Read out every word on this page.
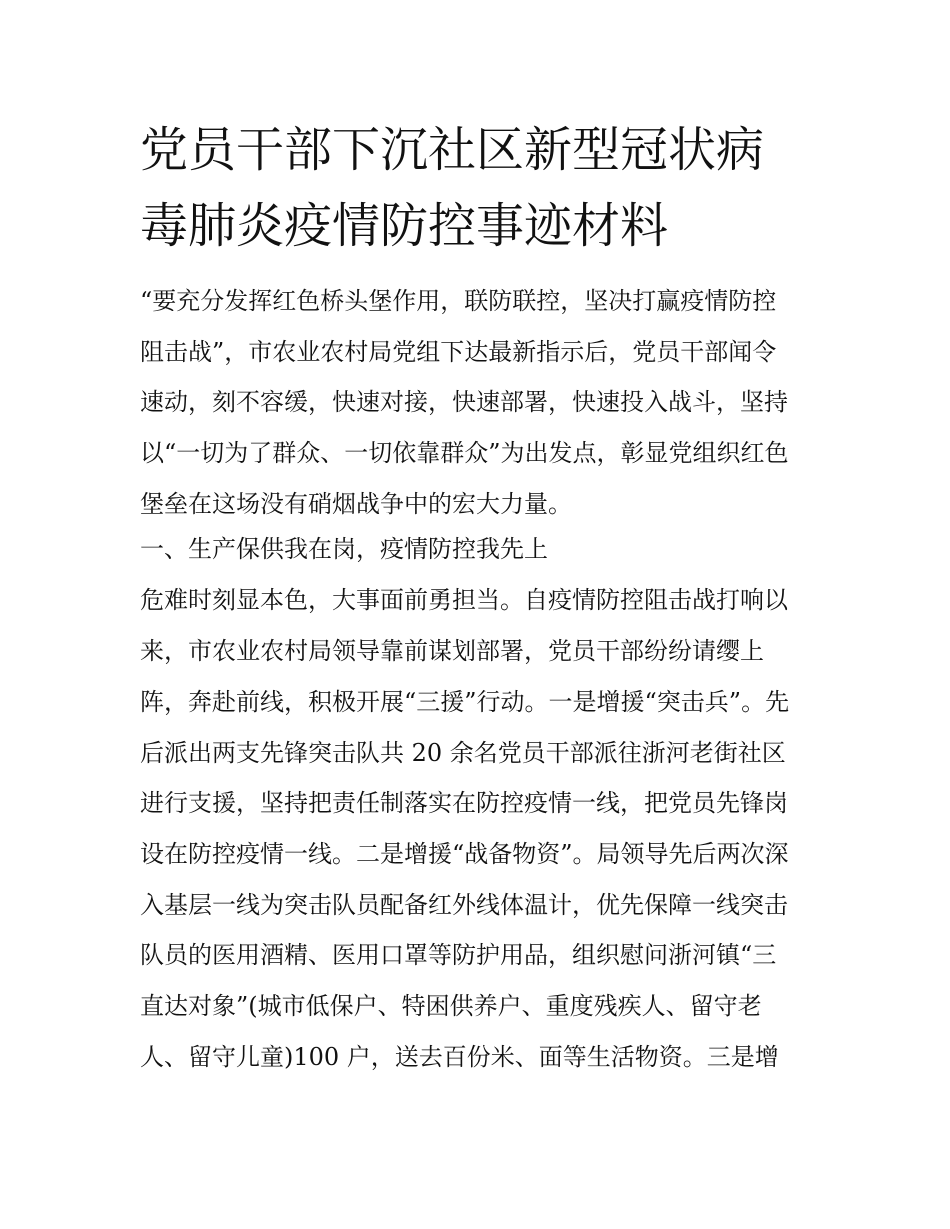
党员干部下沉社区新型冠状病
毒肺炎疫情防控事迹材料
“要充分发挥红色桥头堡作用，联防联控，坚决打赢疫情防控
阻击战”，市农业农村局党组下达最新指示后，党员干部闻令
速动，刻不容缓，快速对接，快速部署，快速投入战斗，坚持
以“一切为了群众、一切依靠群众”为出发点，彰显党组织红色
堡垒在这场没有硝烟战争中的宏大力量。
一、生产保供我在岗，疫情防控我先上
危难时刻显本色，大事面前勇担当。自疫情防控阻击战打响以
来，市农业农村局领导靠前谋划部署，党员干部纷纷请缨上
阵，奔赴前线，积极开展“三援”行动。一是增援“突击兵”。先
后派出两支先锋突击队共 20 余名党员干部派往浙河老街社区
进行支援，坚持把责任制落实在防控疫情一线，把党员先锋岗
设在防控疫情一线。二是增援“战备物资”。局领导先后两次深
入基层一线为突击队员配备红外线体温计，优先保障一线突击
队员的医用酒精、医用口罩等防护用品，组织慰问浙河镇“三
直达对象”(城市低保户、特困供养户、重度残疾人、留守老
人、留守儿童)100 户，送去百份米、面等生活物资。三是增
